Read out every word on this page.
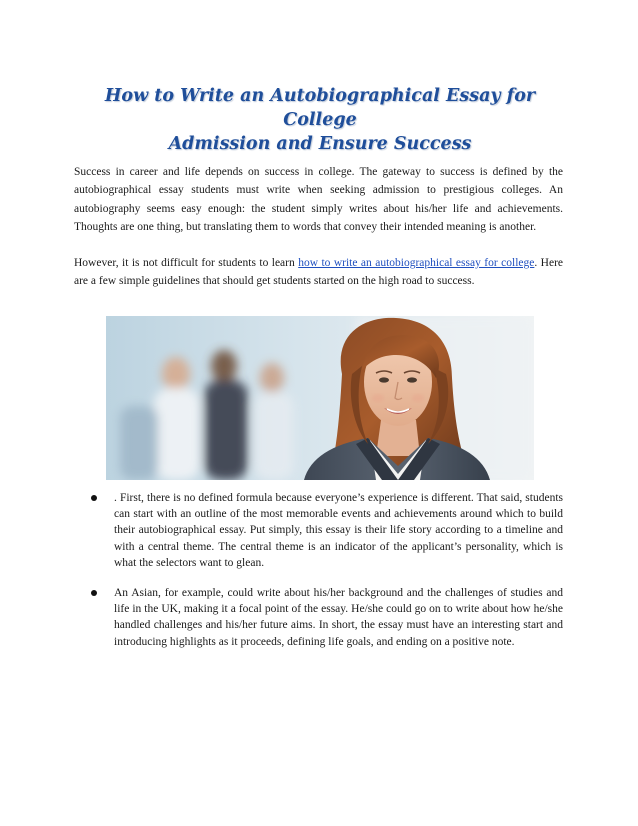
How to Write an Autobiographical Essay for College
Admission and Ensure Success

Success in career and life depends on success in college. The gateway to success is defined by the autobiographical essay students must write when seeking admission to prestigious colleges. An autobiography seems easy enough: the student simply writes about his/her life and achievements. Thoughts are one thing, but translating them to words that convey their intended meaning is another.

However, it is not difficult for students to learn how to write an autobiographical essay for college. Here are a few simple guidelines that should get students started on the high road to success.

. First, there is no defined formula because everyone’s experience is different. That said, students can start with an outline of the most memorable events and achievements around which to build their autobiographical essay. Put simply, this essay is their life story according to a timeline and with a central theme. The central theme is an indicator of the applicant’s personality, which is what the selectors want to glean.
An Asian, for example, could write about his/her background and the challenges of studies and life in the UK, making it a focal point of the essay. He/she could go on to write about how he/she handled challenges and his/her future aims. In short, the essay must have an interesting start and introducing highlights as it proceeds, defining life goals, and ending on a positive note.
